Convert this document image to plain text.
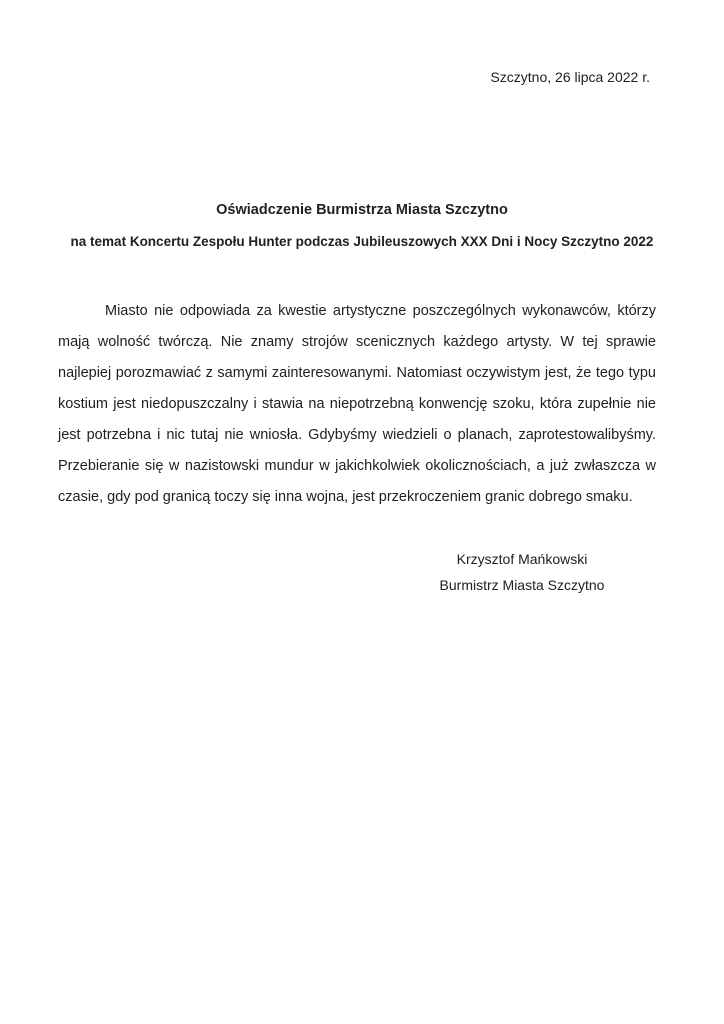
Szczytno, 26 lipca 2022 r.
Oświadczenie Burmistrza Miasta Szczytno
na temat Koncertu Zespołu Hunter podczas Jubileuszowych XXX Dni i Nocy Szczytno 2022

Miasto nie odpowiada za kwestie artystyczne poszczególnych wykonawców, którzy mają wolność twórczą. Nie znamy strojów scenicznych każdego artysty. W tej sprawie najlepiej porozmawiać z samymi zainteresowanymi. Natomiast oczywistym jest, że tego typu kostium jest niedopuszczalny i stawia na niepotrzebną konwencję szoku, która zupełnie nie jest potrzebna i nic tutaj nie wniosła. Gdybyśmy wiedzieli o planach, zaprotestowalibyśmy. Przebieranie się w nazistowski mundur w jakichkolwiek okolicznościach, a już zwłaszcza w czasie, gdy pod granicą toczy się inna wojna, jest przekroczeniem granic dobrego smaku.

Krzysztof Mańkowski
Burmistrz Miasta Szczytno
